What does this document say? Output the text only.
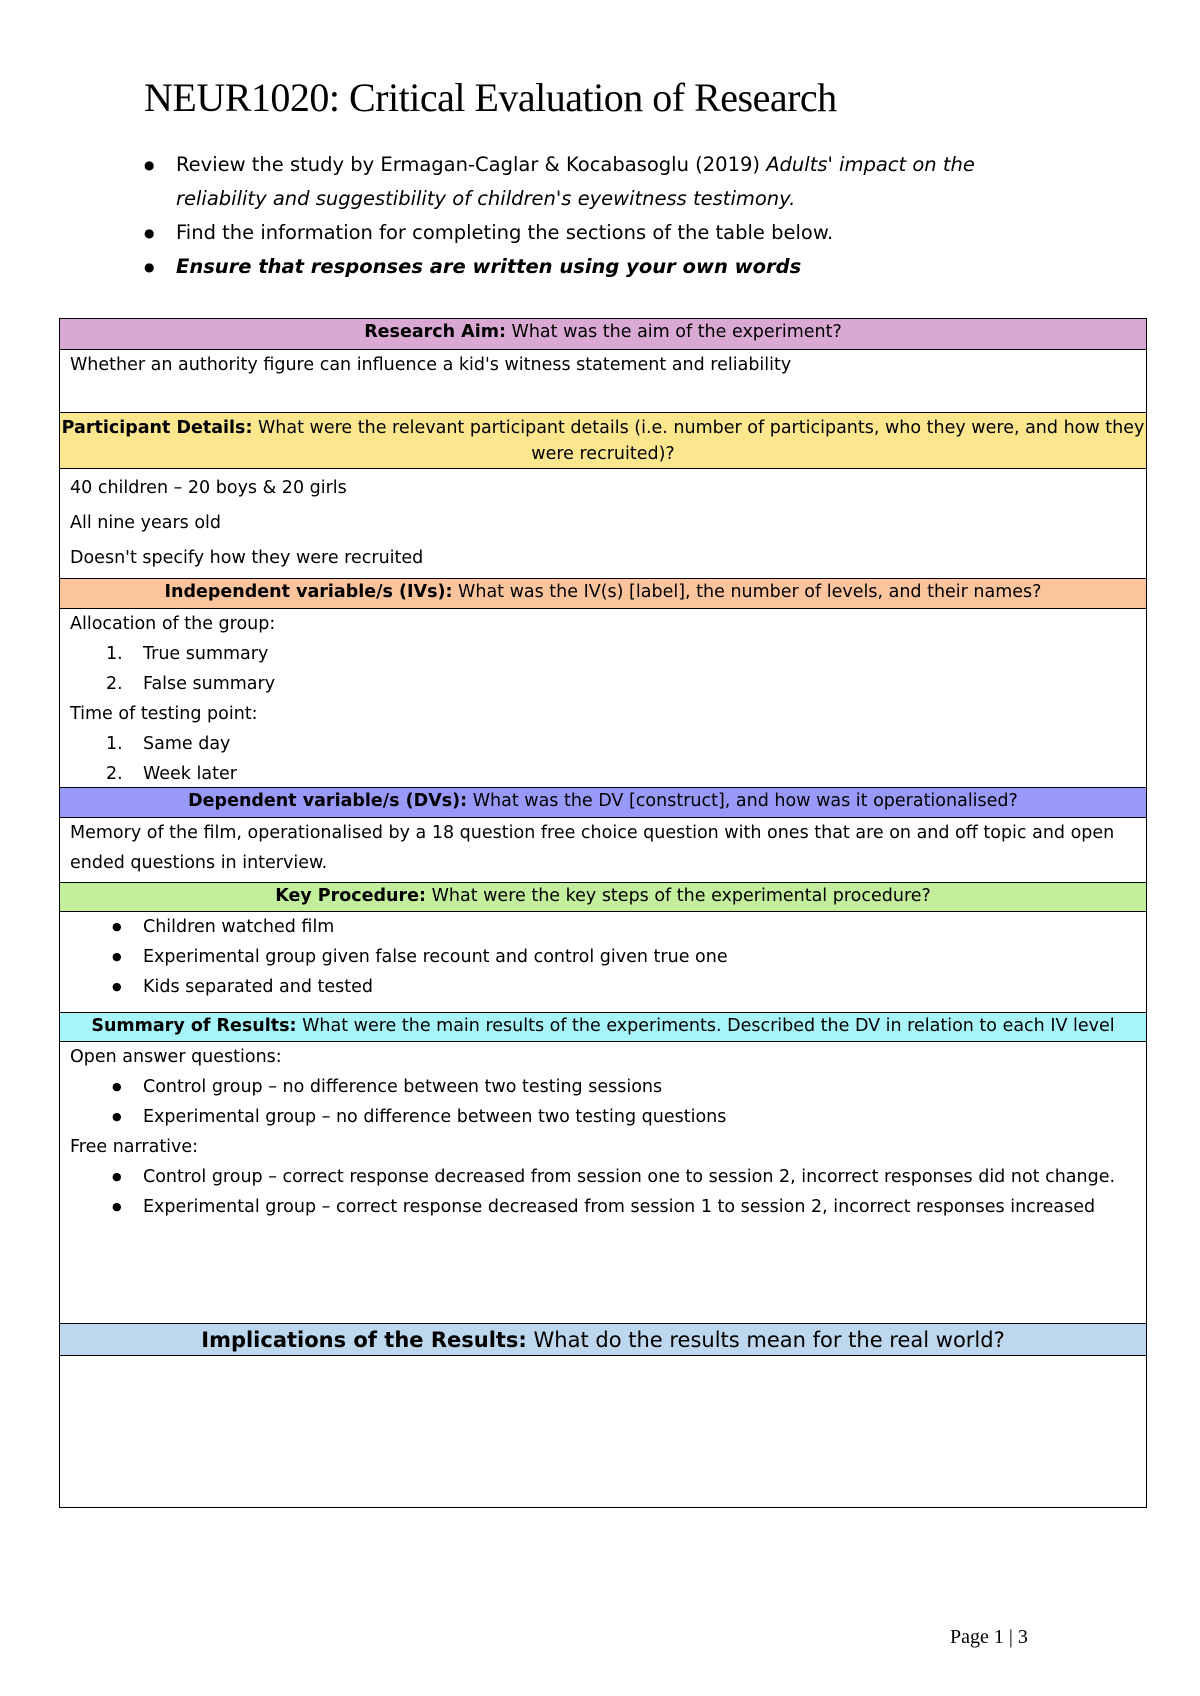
NEUR1020: Critical Evaluation of Research
● Review the study by Ermagan-Caglar & Kocabasoglu (2019) Adults' impact on the reliability and suggestibility of children's eyewitness testimony.
● Find the information for completing the sections of the table below.
● Ensure that responses are written using your own words
Research Aim: What was the aim of the experiment?
Whether an authority figure can influence a kid's witness statement and reliability
Participant Details: What were the relevant participant details (i.e. number of participants, who they were, and how they were recruited)?
40 children – 20 boys & 20 girls
All nine years old
Doesn't specify how they were recruited
Independent variable/s (IVs): What was the IV(s) [label], the number of levels, and their names?
Allocation of the group:
1. True summary
2. False summary
Time of testing point:
1. Same day
2. Week later
Dependent variable/s (DVs): What was the DV [construct], and how was it operationalised?
Memory of the film, operationalised by a 18 question free choice question with ones that are on and off topic and open ended questions in interview.
Key Procedure: What were the key steps of the experimental procedure?
● Children watched film
● Experimental group given false recount and control given true one
● Kids separated and tested
Summary of Results: What were the main results of the experiments. Described the DV in relation to each IV level
Open answer questions:
● Control group – no difference between two testing sessions
● Experimental group – no difference between two testing questions
Free narrative:
● Control group – correct response decreased from session one to session 2, incorrect responses did not change.
● Experimental group – correct response decreased from session 1 to session 2, incorrect responses increased
Implications of the Results: What do the results mean for the real world?
Page 1 | 3
